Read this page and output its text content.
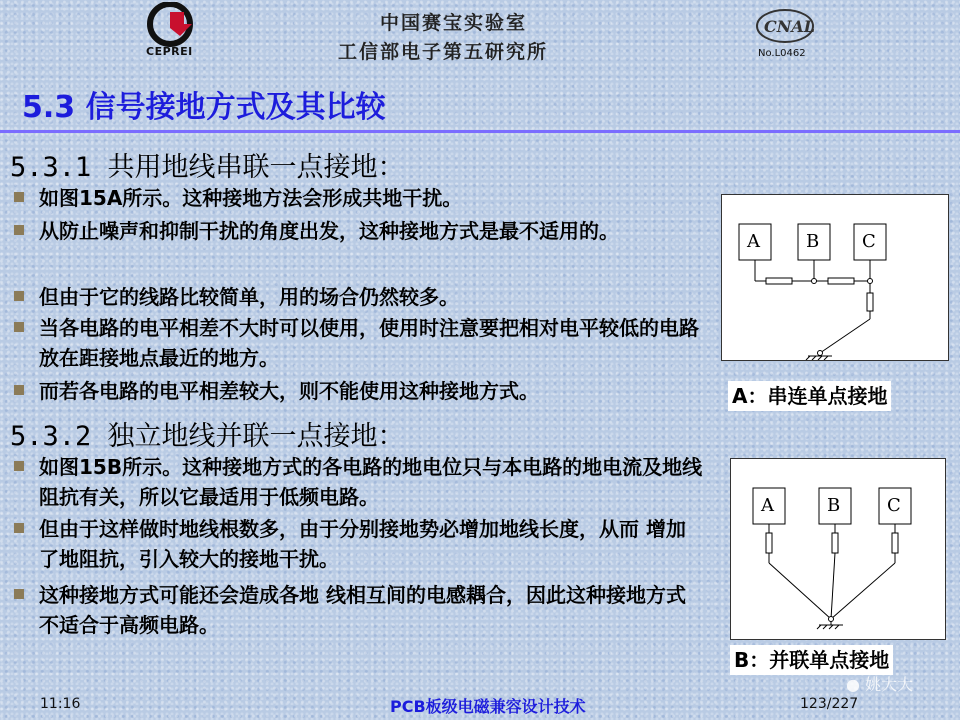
CEPREI
中国赛宝实验室
工信部电子第五研究所
CNAL
No.L0462
5.3 信号接地方式及其比较
5.3.1 共用地线串联一点接地：
如图15A所示。这种接地方法会形成共地干扰。
从防止噪声和抑制干扰的角度出发，这种接地方式是最不适用的。
但由于它的线路比较简单，用的场合仍然较多。
当各电路的电平相差不大时可以使用，使用时注意要把相对电平较低的电路放在距接地点最近的地方。
而若各电路的电平相差较大，则不能使用这种接地方式。
5.3.2 独立地线并联一点接地：
如图15B所示。这种接地方式的各电路的地电位只与本电路的地电流及地线阻抗有关，所以它最适用于低频电路。
但由于这样做时地线根数多，由于分别接地势必增加地线长度，从而 增加了地阻抗，引入较大的接地干扰。
这种接地方式可能还会造成各地 线相互间的电感耦合，因此这种接地方式不适合于高频电路。
A	B C
A：串连单点接地
A	B	C
B：并联单点接地
11:16	PCB板级电磁兼容设计技术	123/227
● 姚大大
